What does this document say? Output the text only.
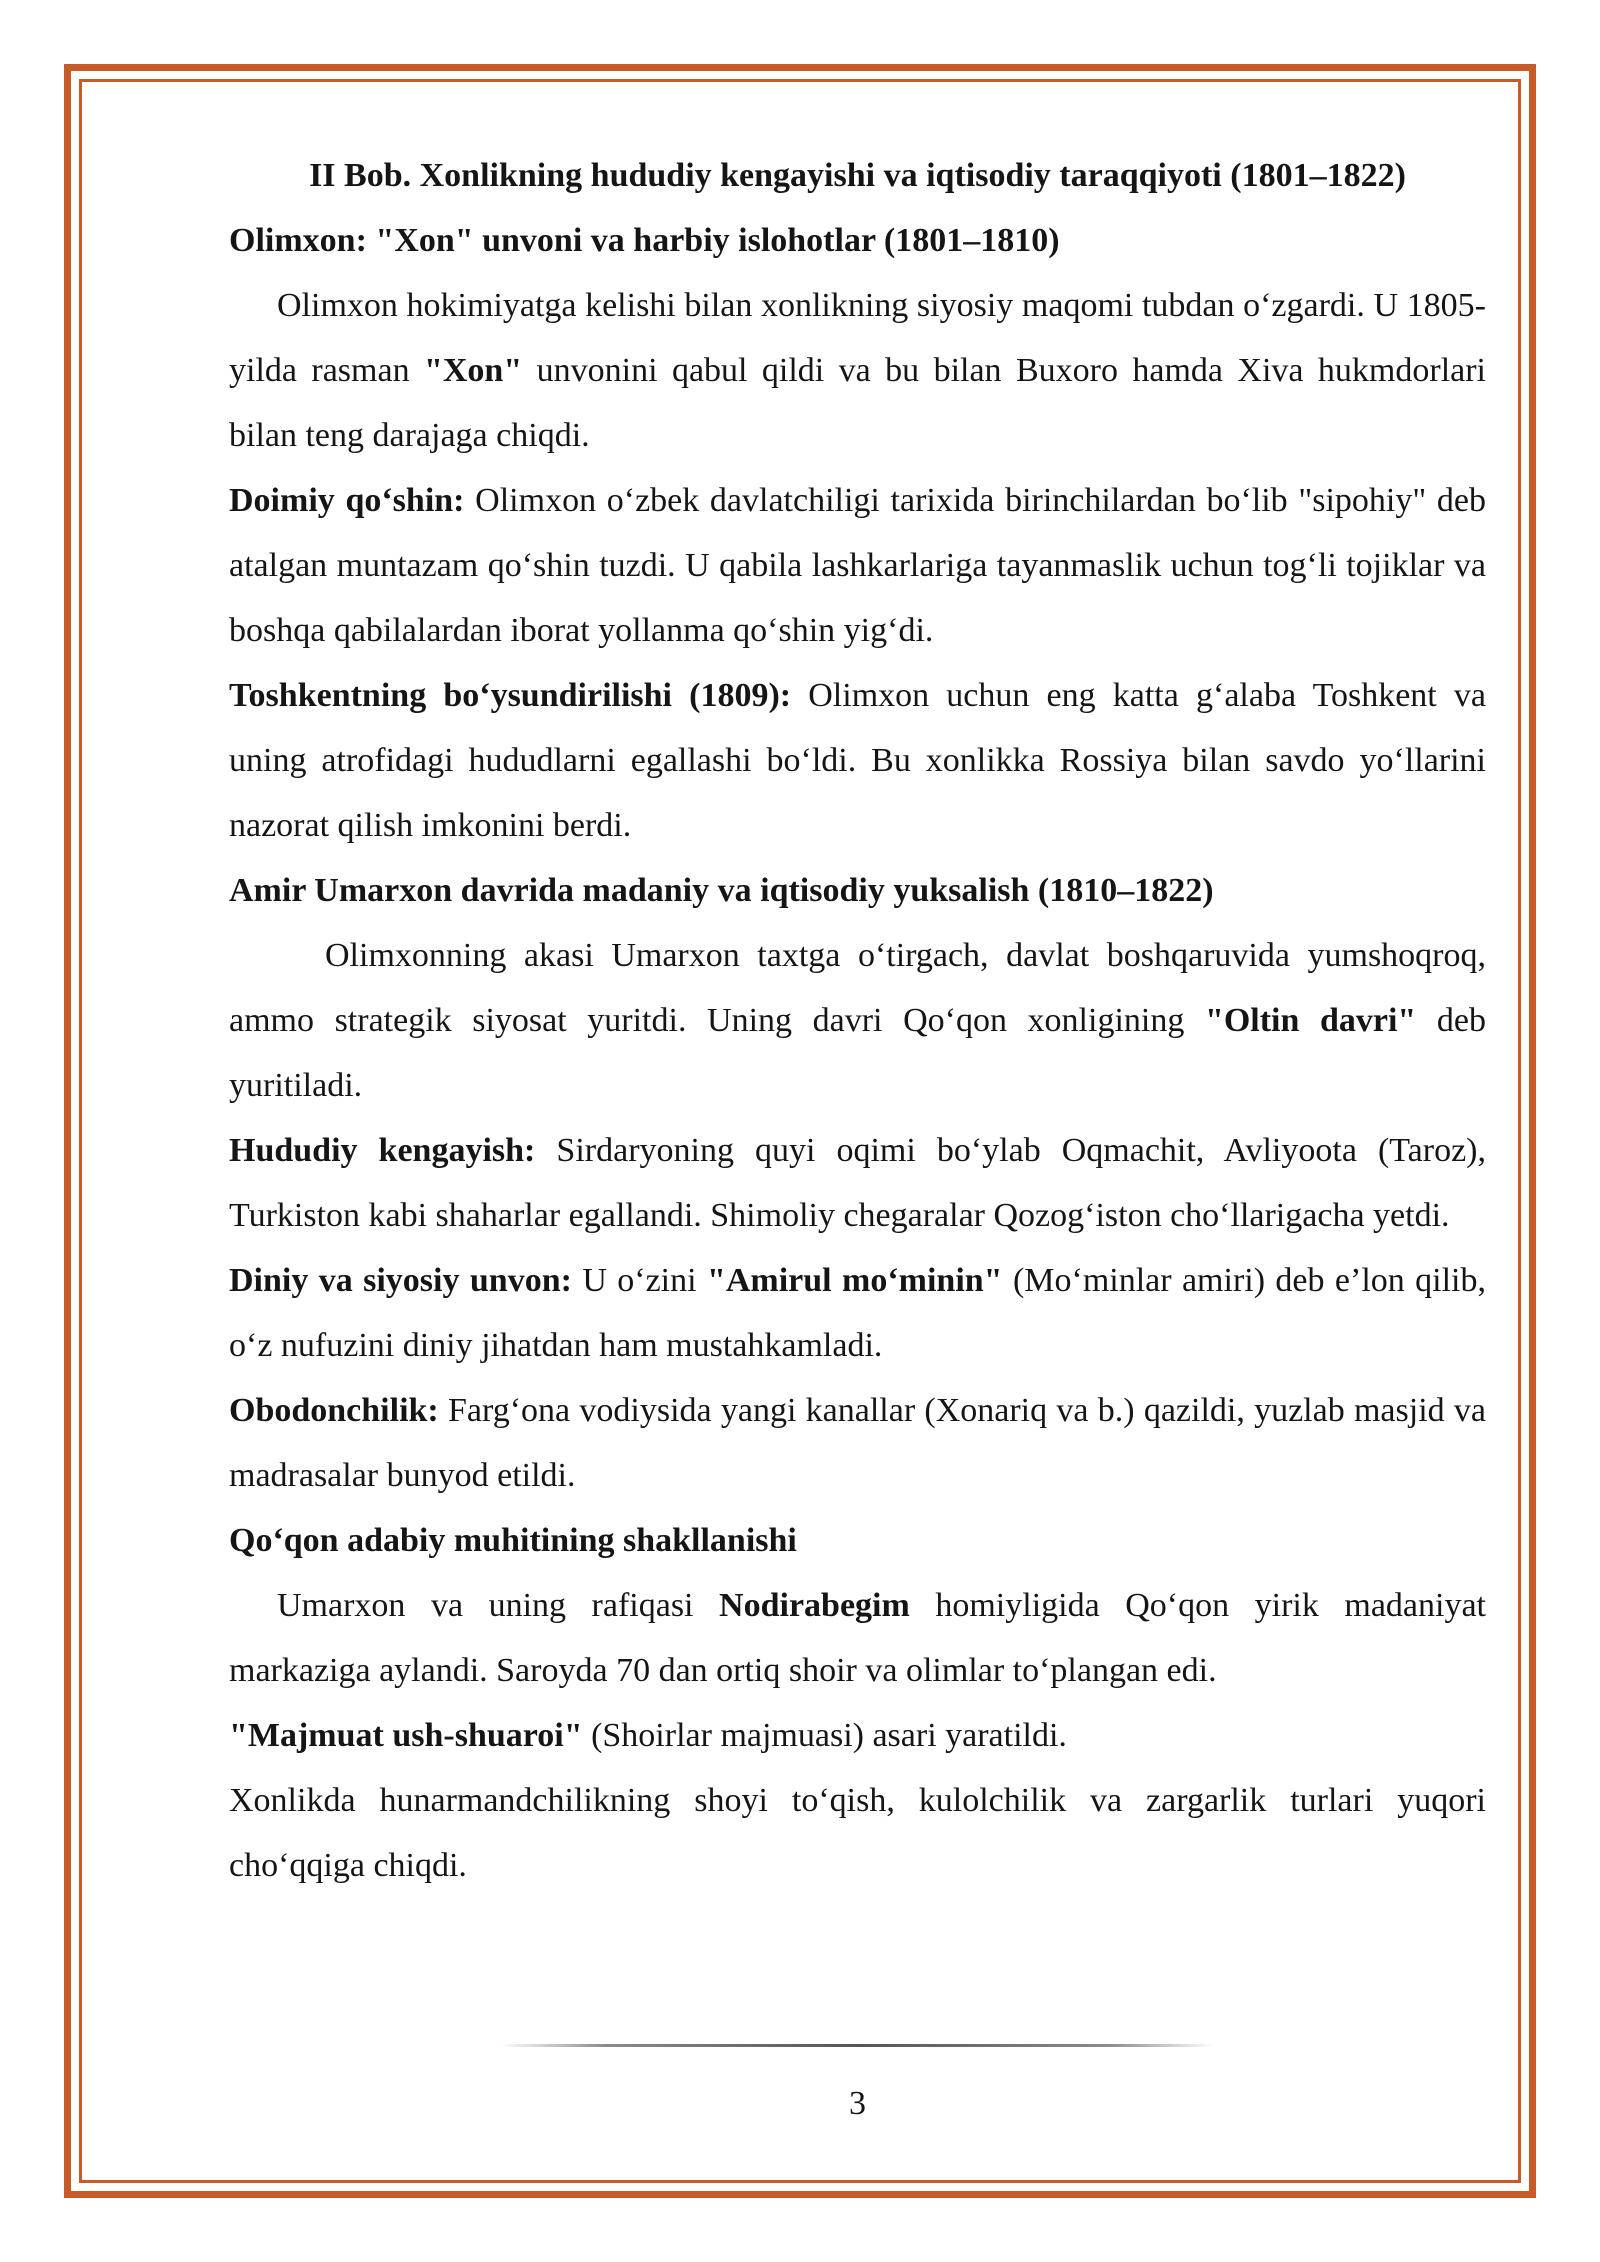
II Bob. Xonlikning hududiy kengayishi va iqtisodiy taraqqiyoti (1801–1822)

Olimxon: "Xon" unvoni va harbiy islohotlar (1801–1810)

Olimxon hokimiyatga kelishi bilan xonlikning siyosiy maqomi tubdan o‘zgardi. U 1805-yilda rasman "Xon" unvonini qabul qildi va bu bilan Buxoro hamda Xiva hukmdorlari bilan teng darajaga chiqdi.

Doimiy qo‘shin: Olimxon o‘zbek davlatchiligi tarixida birinchilardan bo‘lib "sipohiy" deb atalgan muntazam qo‘shin tuzdi. U qabila lashkarlariga tayanmaslik uchun tog‘li tojiklar va boshqa qabilalardan iborat yollanma qo‘shin yig‘di.

Toshkentning bo‘ysundirilishi (1809): Olimxon uchun eng katta g‘alaba Toshkent va uning atrofidagi hududlarni egallashi bo‘ldi. Bu xonlikka Rossiya bilan savdo yo‘llarini nazorat qilish imkonini berdi.

Amir Umarxon davrida madaniy va iqtisodiy yuksalish (1810–1822)

Olimxonning akasi Umarxon taxtga o‘tirgach, davlat boshqaruvida yumshoqroq, ammo strategik siyosat yuritdi. Uning davri Qo‘qon xonligining "Oltin davri" deb yuritiladi.

Hududiy kengayish: Sirdaryoning quyi oqimi bo‘ylab Oqmachit, Avliyoota (Taroz), Turkiston kabi shaharlar egallandi. Shimoliy chegaralar Qozog‘iston cho‘llarigacha yetdi.

Diniy va siyosiy unvon: U o‘zini "Amirul mo‘minin" (Mo‘minlar amiri) deb e’lon qilib, o‘z nufuzini diniy jihatdan ham mustahkamladi.

Obodonchilik: Farg‘ona vodiysida yangi kanallar (Xonariq va b.) qazildi, yuzlab masjid va madrasalar bunyod etildi.

Qo‘qon adabiy muhitining shakllanishi

Umarxon va uning rafiqasi Nodirabegim homiyligida Qo‘qon yirik madaniyat markaziga aylandi. Saroyda 70 dan ortiq shoir va olimlar to‘plangan edi.

"Majmuat ush-shuaroi" (Shoirlar majmuasi) asari yaratildi.

Xonlikda hunarmandchilikning shoyi to‘qish, kulolchilik va zargarlik turlari yuqori cho‘qqiga chiqdi.

3
